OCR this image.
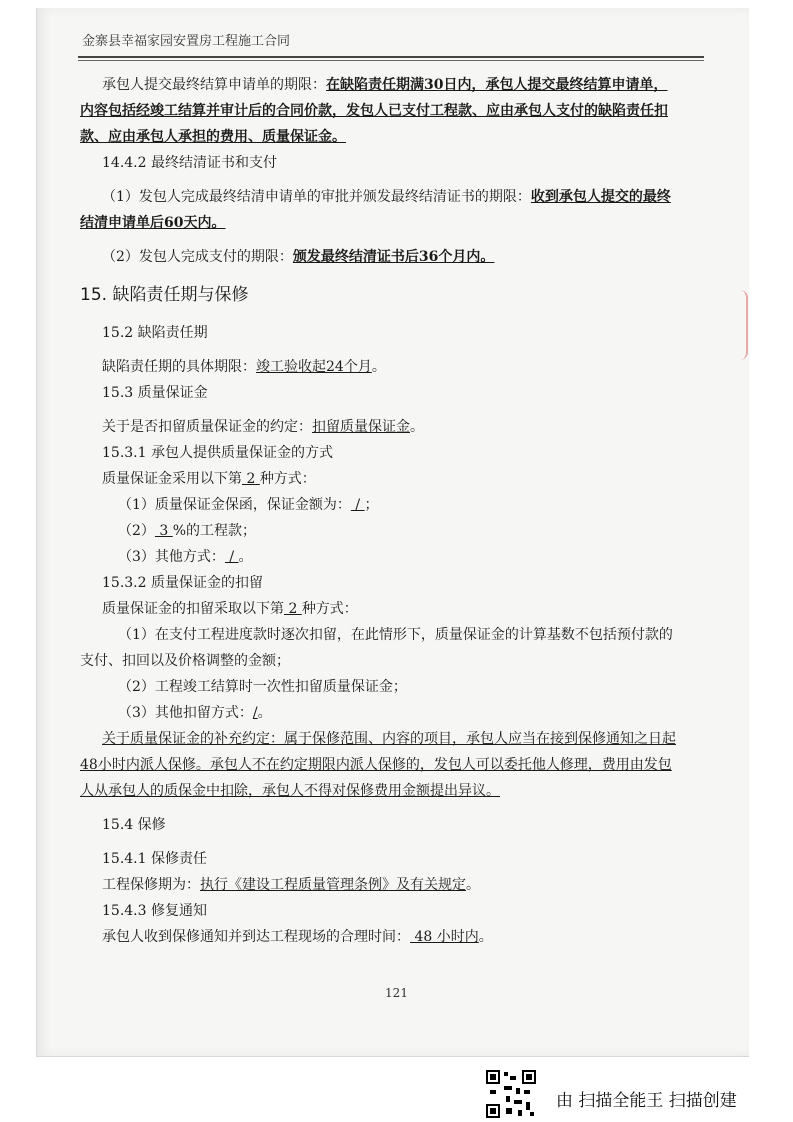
金寨县幸福家园安置房工程施工合同

承包人提交最终结算申请单的期限：在缺陷责任期满30日内，承包人提交最终结算申请单，内容包括经竣工结算并审计后的合同价款，发包人已支付工程款、应由承包人支付的缺陷责任扣款、应由承包人承担的费用、质量保证金。

14.4.2 最终结清证书和支付

（1）发包人完成最终结清申请单的审批并颁发最终结清证书的期限：收到承包人提交的最终结清申请单后60天内。

（2）发包人完成支付的期限：颁发最终结清证书后36个月内。

15. 缺陷责任期与保修

15.2 缺陷责任期

缺陷责任期的具体期限：竣工验收起24个月。

15.3 质量保证金

关于是否扣留质量保证金的约定：扣留质量保证金。

15.3.1 承包人提供质量保证金的方式

质量保证金采用以下第 2 种方式：

（1）质量保证金保函，保证金额为： / ；

（2） 3 %的工程款；

（3）其他方式： / 。

15.3.2 质量保证金的扣留

质量保证金的扣留采取以下第 2 种方式：

（1）在支付工程进度款时逐次扣留，在此情形下，质量保证金的计算基数不包括预付款的支付、扣回以及价格调整的金额；

（2）工程竣工结算时一次性扣留质量保证金；

（3）其他扣留方式：/。

关于质量保证金的补充约定：属于保修范围、内容的项目，承包人应当在接到保修通知之日起48小时内派人保修。承包人不在约定期限内派人保修的，发包人可以委托他人修理，费用由发包人从承包人的质保金中扣除，承包人不得对保修费用金额提出异议。

15.4 保修

15.4.1 保修责任

工程保修期为：执行《建设工程质量管理条例》及有关规定。

15.4.3 修复通知

承包人收到保修通知并到达工程现场的合理时间： 48 小时内。

121
由 扫描全能王 扫描创建
